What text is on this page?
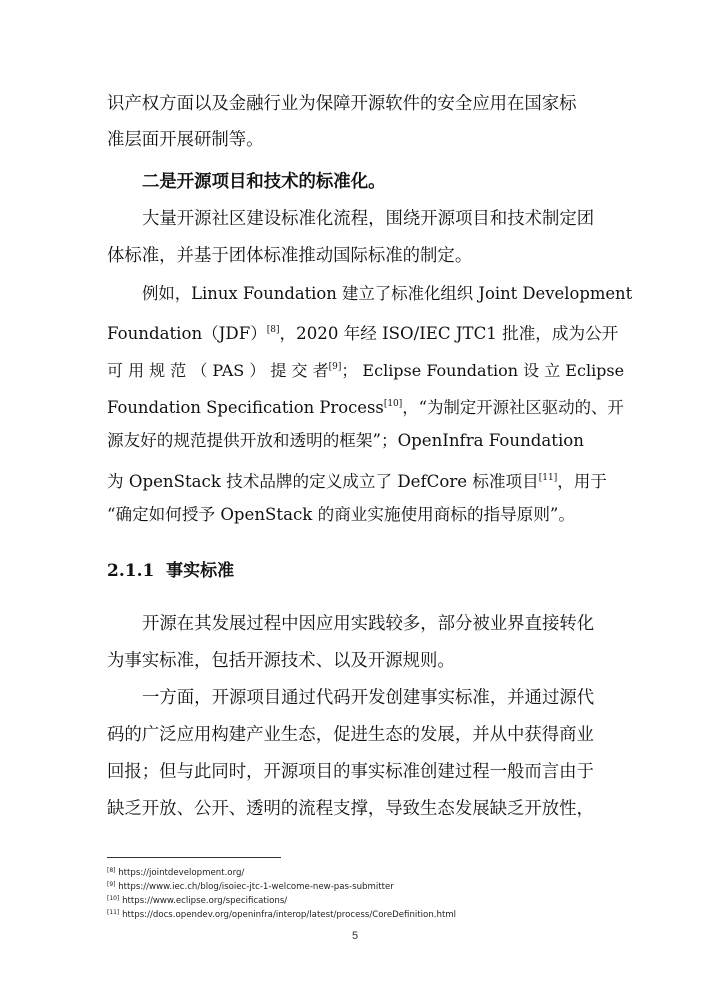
识产权方面以及金融行业为保障开源软件的安全应用在国家标
准层面开展研制等。
二是开源项目和技术的标准化。
大量开源社区建设标准化流程，围绕开源项目和技术制定团
体标准，并基于团体标准推动国际标准的制定。
例如，Linux Foundation 建立了标准化组织 Joint Development
Foundation（JDF）[8]，2020 年经 ISO/IEC JTC1 批准，成为公开
可 用 规 范 （ PAS ） 提 交 者[9]； Eclipse Foundation 设 立 Eclipse
Foundation Specification Process[10]，“为制定开源社区驱动的、开
源友好的规范提供开放和透明的框架”；OpenInfra Foundation
为 OpenStack 技术品牌的定义成立了 DefCore 标准项目[11]，用于
“确定如何授予 OpenStack 的商业实施使用商标的指导原则”。
2.1.1 事实标准
开源在其发展过程中因应用实践较多，部分被业界直接转化
为事实标准，包括开源技术、以及开源规则。
一方面，开源项目通过代码开发创建事实标准，并通过源代
码的广泛应用构建产业生态，促进生态的发展，并从中获得商业
回报；但与此同时，开源项目的事实标准创建过程一般而言由于
缺乏开放、公开、透明的流程支撑，导致生态发展缺乏开放性，
[8] https://jointdevelopment.org/
[9] https://www.iec.ch/blog/isoiec-jtc-1-welcome-new-pas-submitter
[10] https://www.eclipse.org/specifications/
[11] https://docs.opendev.org/openinfra/interop/latest/process/CoreDefinition.html
5
